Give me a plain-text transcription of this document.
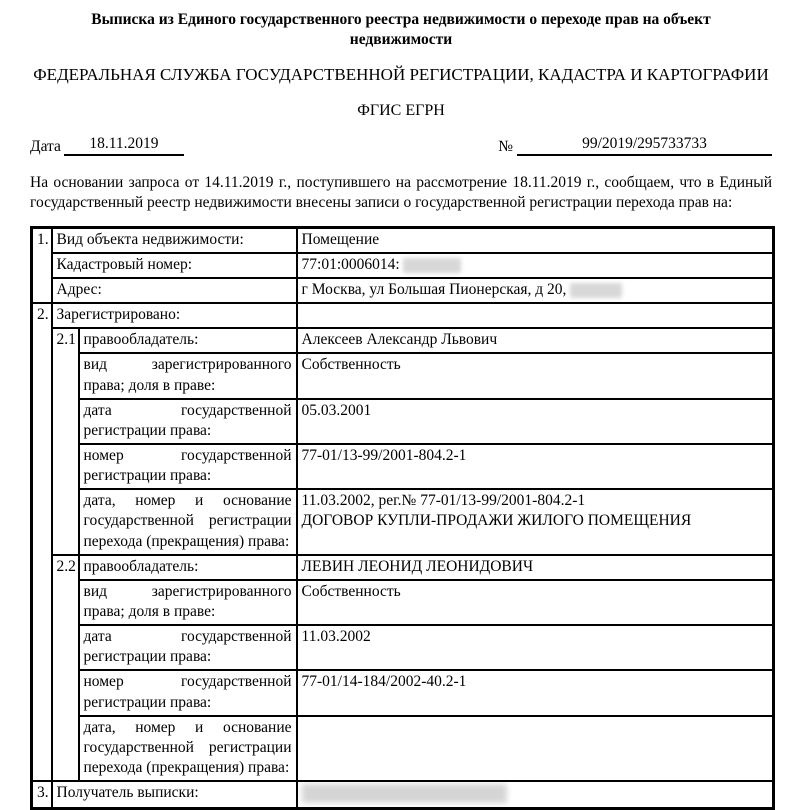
Выписка из Единого государственного реестра недвижимости о переходе прав на объект недвижимости
ФЕДЕРАЛЬНАЯ СЛУЖБА ГОСУДАРСТВЕННОЙ РЕГИСТРАЦИИ, КАДАСТРА И КАРТОГРАФИИ
ФГИС ЕГРН
Дата	18.11.2019	№	99/2019/295733733

На основании запроса от 14.11.2019 г., поступившего на рассмотрение 18.11.2019 г., сообщаем, что в Единый государственный реестр недвижимости внесены записи о государственной регистрации перехода прав на:

1.	Вид объекта недвижимости:		Помещение
	Кадастровый номер:		77:01:0006014:
	Адрес:		г Москва, ул Большая Пионерская, д 20,
2.	Зарегистрировано:		
	2.1	правообладатель:	Алексеев Александр Львович
		вид зарегистрированного права; доля в праве:	Собственность
		дата государственной регистрации права:	05.03.2001
		номер государственной регистрации права:	77-01/13-99/2001-804.2-1
		дата, номер и основание государственной регистрации перехода (прекращения) права:	11.03.2002, рег.№ 77-01/13-99/2001-804.2-1
ДОГОВОР КУПЛИ-ПРОДАЖИ ЖИЛОГО ПОМЕЩЕНИЯ

	2.2	правообладатель:	ЛЕВИН ЛЕОНИД ЛЕОНИДОВИЧ
		вид зарегистрированного права; доля в праве:	Собственность
		дата государственной регистрации права:	11.03.2002
		номер государственной регистрации права:	77-01/14-184/2002-40.2-1
		дата, номер и основание государственной регистрации перехода (прекращения) права:	
3.	Получатель выписки:		
